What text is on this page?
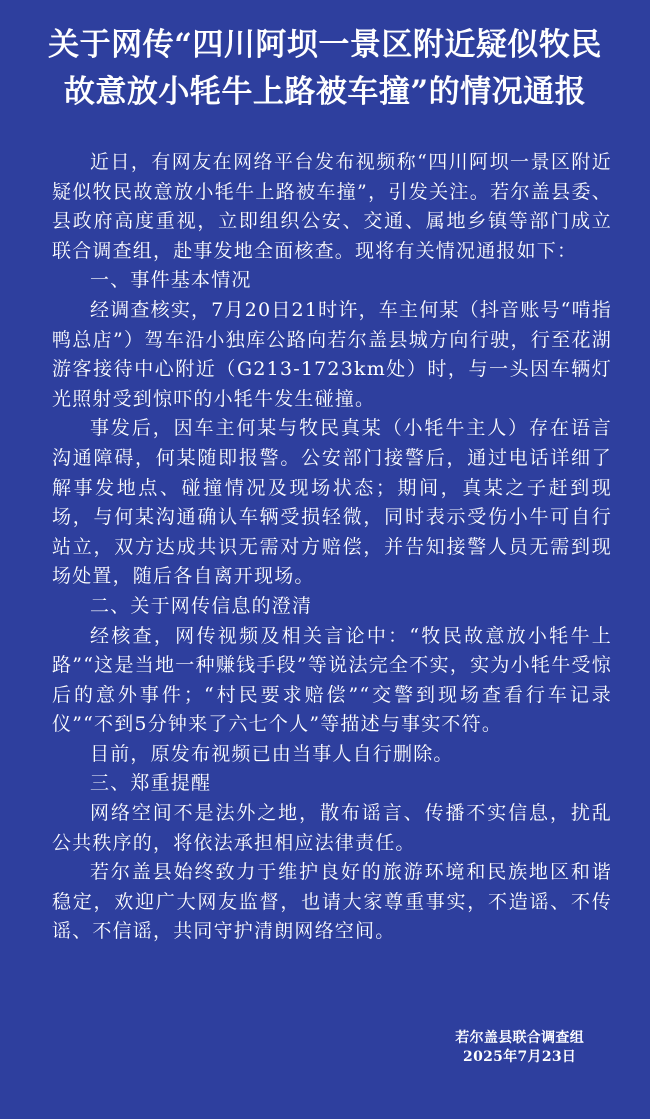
关于网传“四川阿坝一景区附近疑似牧民
故意放小牦牛上路被车撞”的情况通报

近日，有网友在网络平台发布视频称“四川阿坝一景区附近疑似牧民故意放小牦牛上路被车撞”，引发关注。若尔盖县委、县政府高度重视，立即组织公安、交通、属地乡镇等部门成立联合调查组，赴事发地全面核查。现将有关情况通报如下：

一、事件基本情况

经调查核实，7月20日21时许，车主何某（抖音账号“啃指鸭总店”）驾车沿小独库公路向若尔盖县城方向行驶，行至花湖游客接待中心附近（G213-1723km处）时，与一头因车辆灯光照射受到惊吓的小牦牛发生碰撞。

事发后，因车主何某与牧民真某（小牦牛主人）存在语言沟通障碍，何某随即报警。公安部门接警后，通过电话详细了解事发地点、碰撞情况及现场状态；期间，真某之子赶到现场，与何某沟通确认车辆受损轻微，同时表示受伤小牛可自行站立，双方达成共识无需对方赔偿，并告知接警人员无需到现场处置，随后各自离开现场。

二、关于网传信息的澄清

经核查，网传视频及相关言论中：“牧民故意放小牦牛上路”“这是当地一种赚钱手段”等说法完全不实，实为小牦牛受惊后的意外事件；“村民要求赔偿”“交警到现场查看行车记录仪”“不到5分钟来了六七个人”等描述与事实不符。

目前，原发布视频已由当事人自行删除。

三、郑重提醒

网络空间不是法外之地，散布谣言、传播不实信息，扰乱公共秩序的，将依法承担相应法律责任。

若尔盖县始终致力于维护良好的旅游环境和民族地区和谐稳定，欢迎广大网友监督，也请大家尊重事实，不造谣、不传谣、不信谣，共同守护清朗网络空间。

若尔盖县联合调查组
2025年7月23日
